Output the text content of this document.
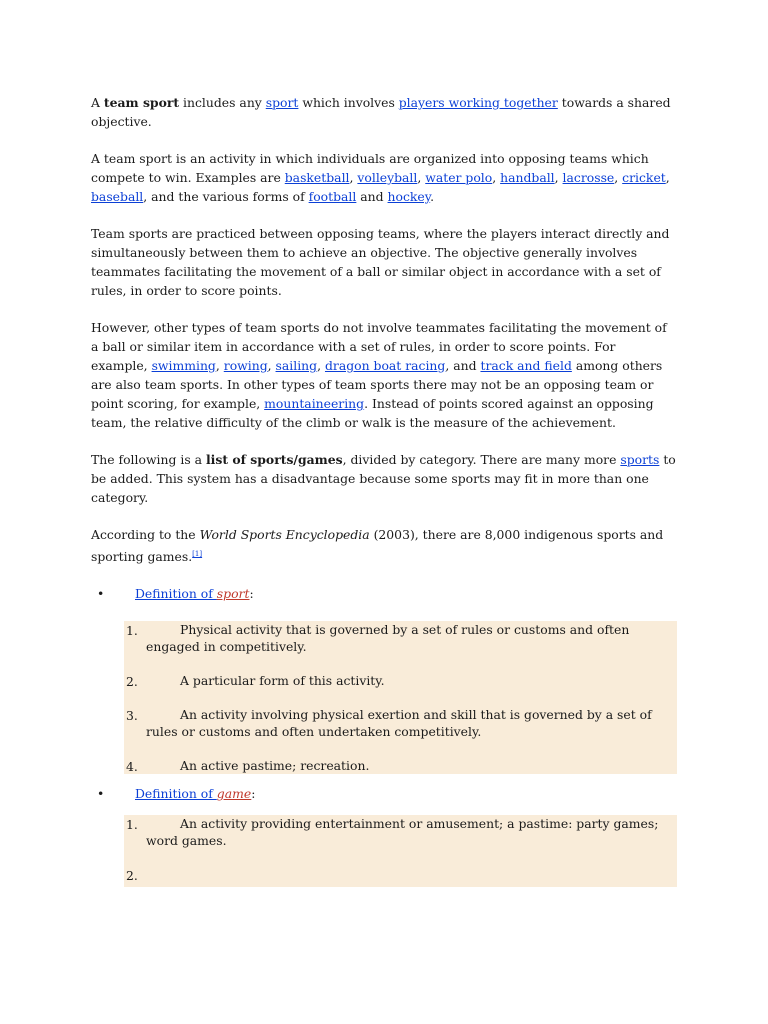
A team sport includes any sport which involves players working together towards a shared objective.

A team sport is an activity in which individuals are organized into opposing teams which compete to win. Examples are basketball, volleyball, water polo, handball, lacrosse, cricket, baseball, and the various forms of football and hockey.

Team sports are practiced between opposing teams, where the players interact directly and simultaneously between them to achieve an objective. The objective generally involves teammates facilitating the movement of a ball or similar object in accordance with a set of rules, in order to score points.

However, other types of team sports do not involve teammates facilitating the movement of a ball or similar item in accordance with a set of rules, in order to score points. For example, swimming, rowing, sailing, dragon boat racing, and track and field among others are also team sports. In other types of team sports there may not be an opposing team or point scoring, for example, mountaineering. Instead of points scored against an opposing team, the relative difficulty of the climb or walk is the measure of the achievement.

The following is a list of sports/games, divided by category. There are many more sports to be added. This system has a disadvantage because some sports may fit in more than one category.

According to the World Sports Encyclopedia (2003), there are 8,000 indigenous sports and sporting games.[1]

• Definition of sport:
1.	Physical activity that is governed by a set of rules or customs and often engaged in competitively.
2.	A particular form of this activity.
3.	An activity involving physical exertion and skill that is governed by a set of rules or customs and often undertaken competitively.
4.	An active pastime; recreation.
• Definition of game:
1.	An activity providing entertainment or amusement; a pastime: party games; word games.
2.
